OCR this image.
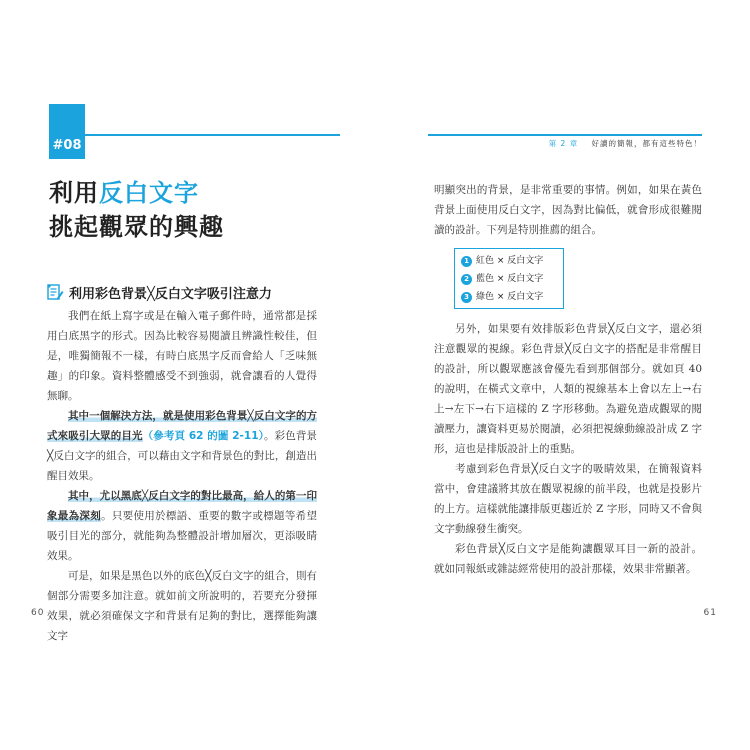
#08	第 2 章 好讀的簡報，都有這些特色！
利用反白文字
挑起觀眾的興趣
利用彩色背景╳反白文字吸引注意力

我們在紙上寫字或是在輸入電子郵件時，通常都是採用白底黑字的形式。因為比較容易閱讀且辨識性較佳，但是，唯獨簡報不一樣，有時白底黑字反而會給人「乏味無趣」的印象。資料整體感受不到強弱，就會讓看的人覺得無聊。

其中一個解決方法，就是使用彩色背景╳反白文字的方式來吸引大眾的目光（參考頁 62 的圖 2-11）。彩色背景╳反白文字的組合，可以藉由文字和背景色的對比，創造出醒目效果。

其中，尤以黑底╳反白文字的對比最高，給人的第一印象最為深刻。只要使用於標語、重要的數字或標題等希望吸引目光的部分，就能夠為整體設計增加層次，更添吸睛效果。

可是，如果是黑色以外的底色╳反白文字的組合，則有個部分需要多加注意。就如前文所說明的，若要充分發揮效果，就必須確保文字和背景有足夠的對比，選擇能夠讓文字

明顯突出的背景，是非常重要的事情。例如，如果在黃色背景上面使用反白文字，因為對比偏低，就會形成很難閱讀的設計。下列是特別推薦的組合。

1 紅色 × 反白文字
2 藍色 × 反白文字
3 綠色 × 反白文字

另外，如果要有效排版彩色背景╳反白文字，還必須注意觀眾的視線。彩色背景╳反白文字的搭配是非常醒目的設計，所以觀眾應該會優先看到那個部分。就如頁 40 的說明，在橫式文章中，人類的視線基本上會以左上→右上→左下→右下這樣的 Z 字形移動。為避免造成觀眾的閱讀壓力，讓資料更易於閱讀，必須把視線動線設計成 Z 字形，這也是排版設計上的重點。

考慮到彩色背景╳反白文字的吸睛效果，在簡報資料當中，會建議將其放在觀眾視線的前半段，也就是投影片的上方。這樣就能讓排版更趨近於 Z 字形，同時又不會與文字動線發生衝突。

彩色背景╳反白文字是能夠讓觀眾耳目一新的設計。就如同報紙或雜誌經常使用的設計那樣，效果非常顯著。

60	61
